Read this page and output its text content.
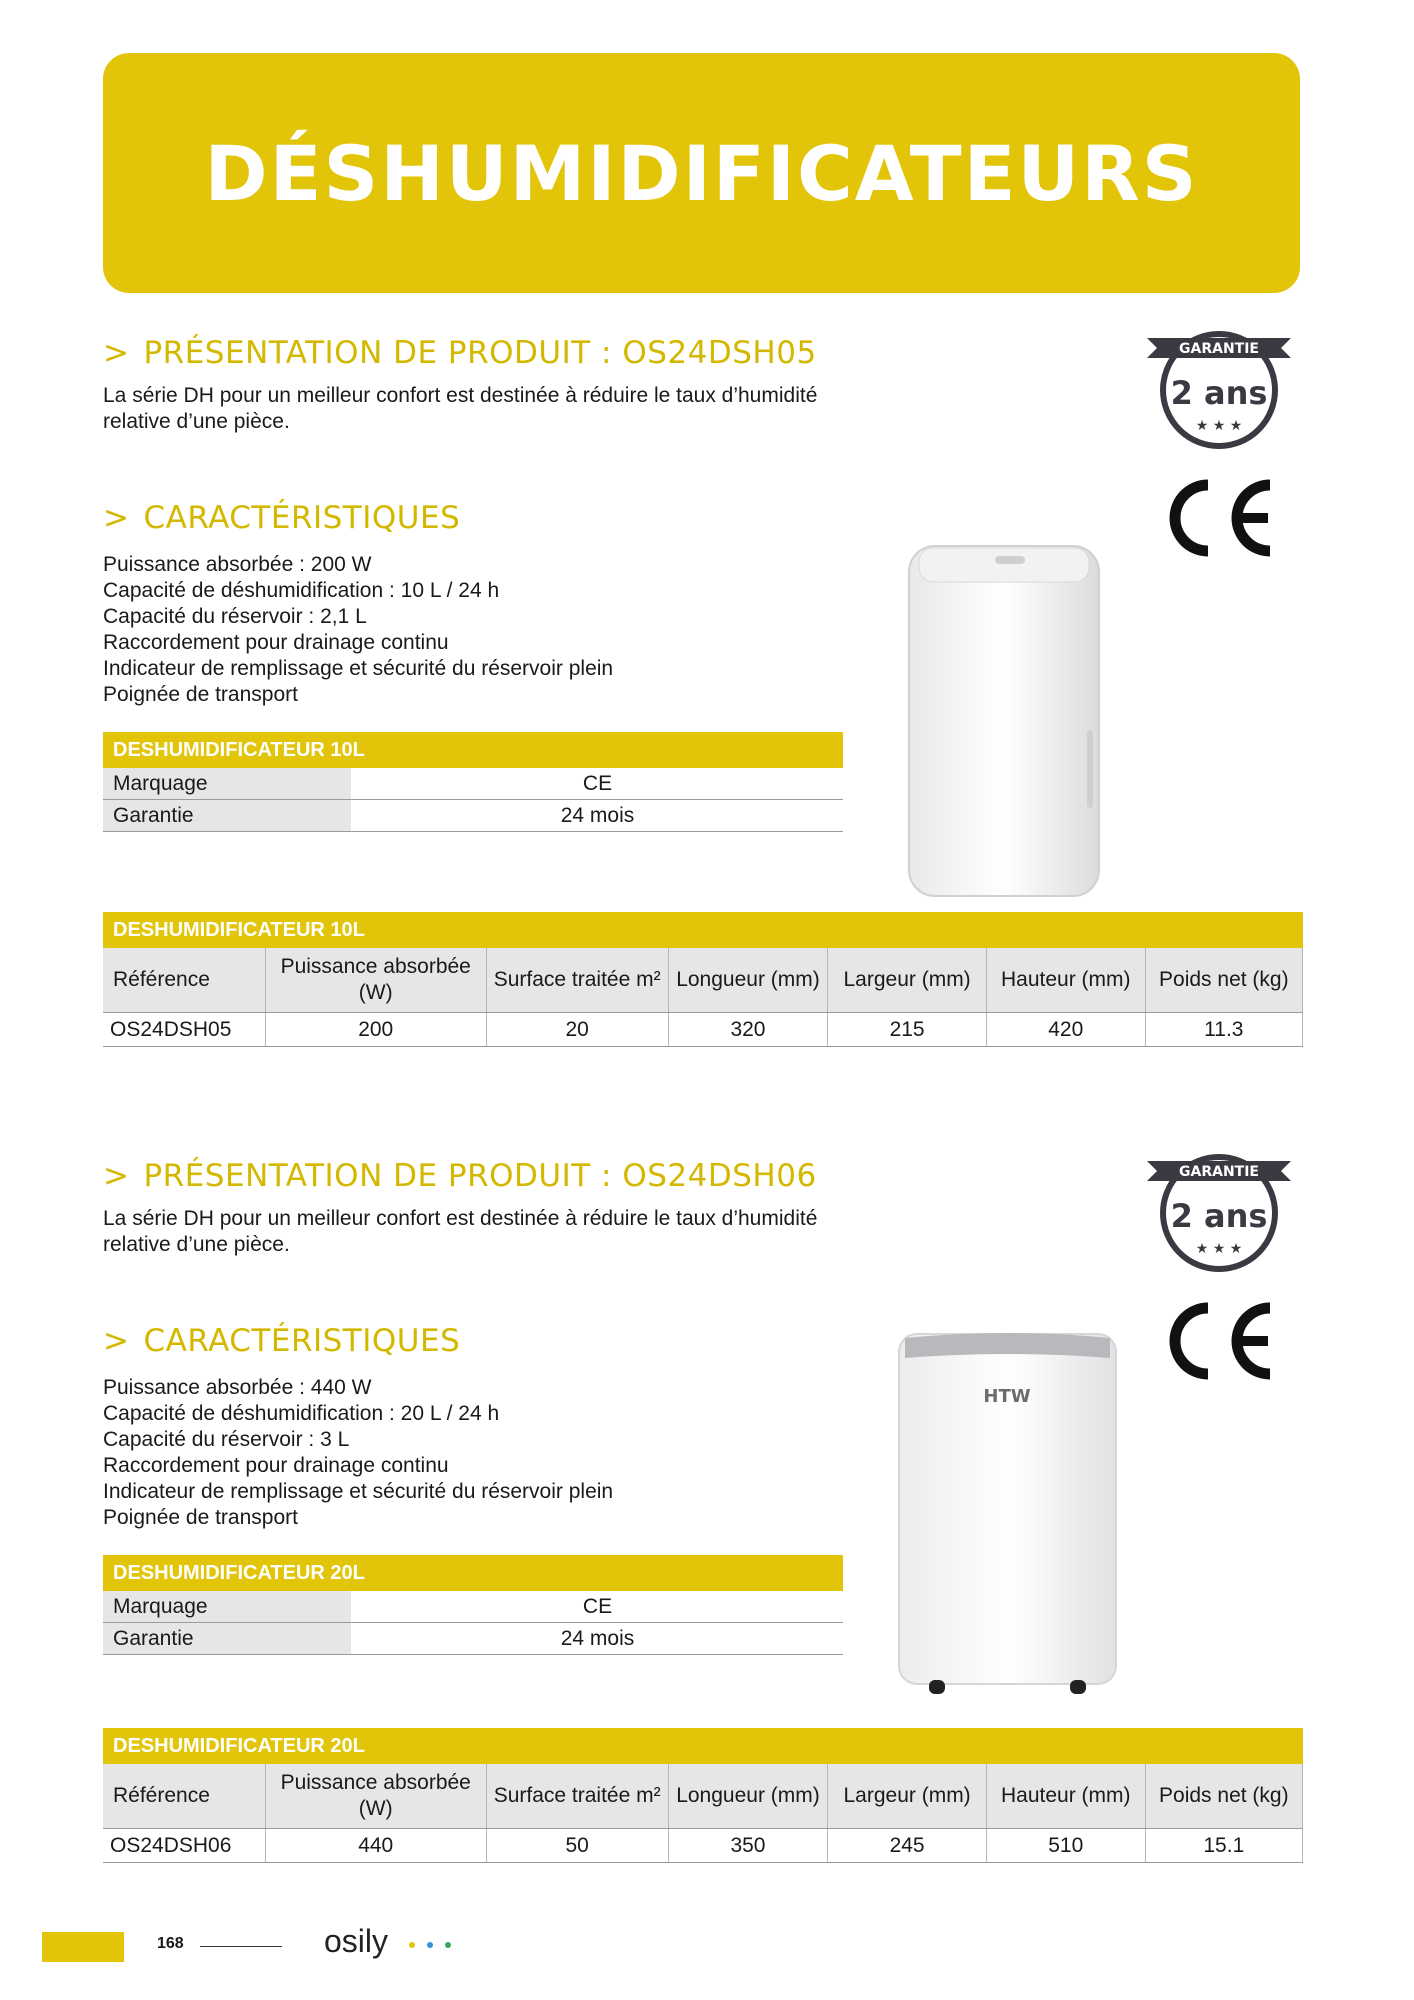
DÉSHUMIDIFICATEURS
> PRÉSENTATION DE PRODUIT : OS24DSH05

La série DH pour un meilleur confort est destinée à réduire le taux d’humidité relative d’une pièce.

> CARACTÉRISTIQUES
Puissance absorbée : 200 W
Capacité de déshumidification : 10 L / 24 h
Capacité du réservoir : 2,1 L
Raccordement pour drainage continu
Indicateur de remplissage et sécurité du réservoir plein
Poignée de transport
DESHUMIDIFICATEUR 10L	
Marquage	CE
Garantie	24 mois
DESHUMIDIFICATEUR 10L						
Référence	Puissance absorbée (W)	Surface traitée m²	Longueur (mm)	Largeur (mm)	Hauteur (mm)	Poids net (kg)
OS24DSH05	200	20	320	215	420	11.3
GARANTIE
2 ans
★ ★ ★
> PRÉSENTATION DE PRODUIT : OS24DSH06

La série DH pour un meilleur confort est destinée à réduire le taux d’humidité relative d’une pièce.

> CARACTÉRISTIQUES
Puissance absorbée : 440 W
Capacité de déshumidification : 20 L / 24 h
Capacité du réservoir : 3 L
Raccordement pour drainage continu
Indicateur de remplissage et sécurité du réservoir plein
Poignée de transport
DESHUMIDIFICATEUR 20L	
Marquage	CE
Garantie	24 mois
DESHUMIDIFICATEUR 20L						
Référence	Puissance absorbée (W)	Surface traitée m²	Longueur (mm)	Largeur (mm)	Hauteur (mm)	Poids net (kg)
OS24DSH06	440	50	350	245	510	15.1
GARANTIE
2 ans
★ ★ ★
HTW
168	osily
